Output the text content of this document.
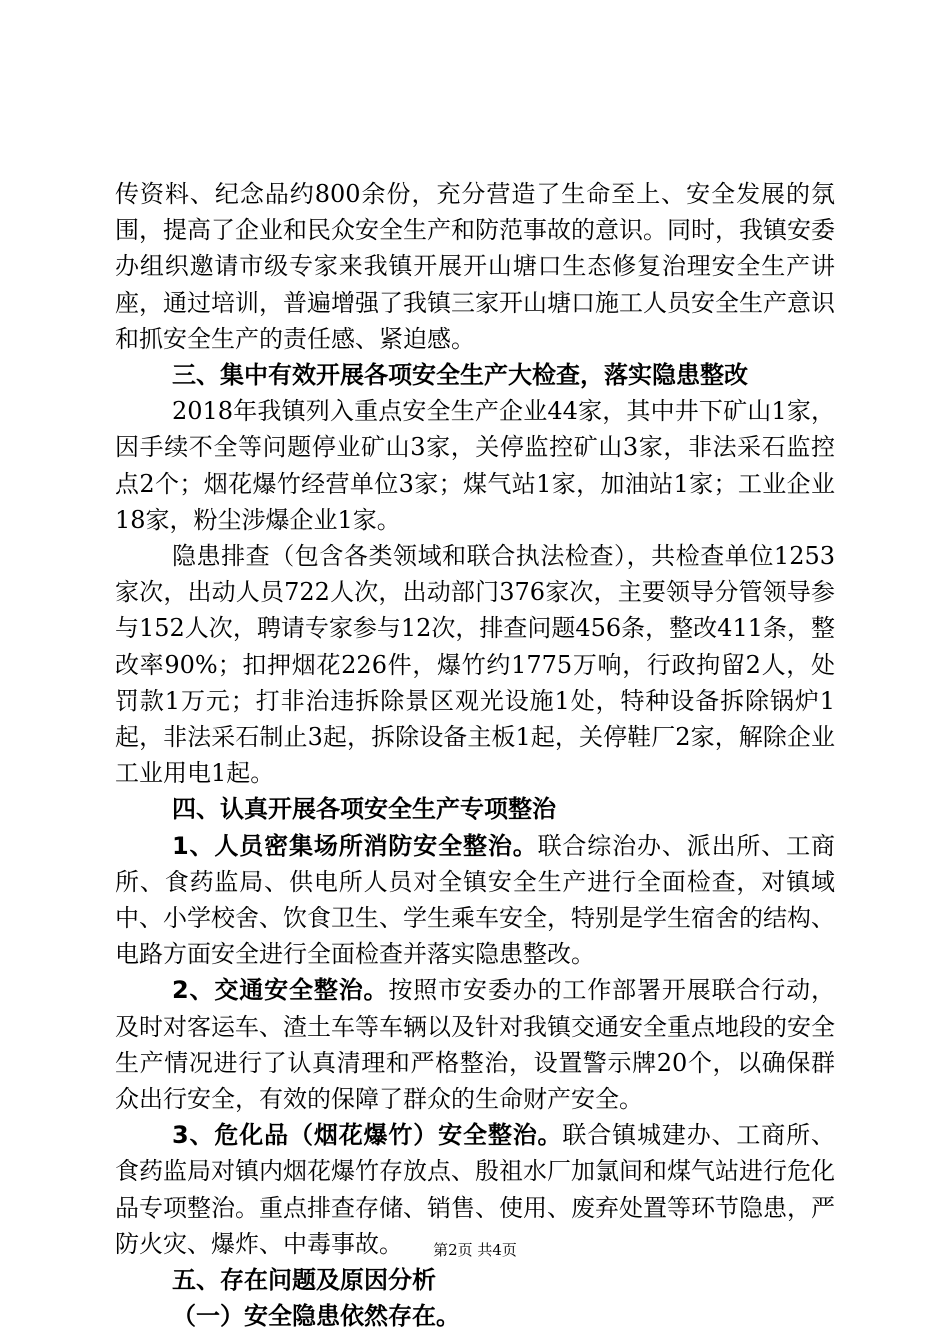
传资料、纪念品约800余份，充分营造了生命至上、安全发展的氛围，提高了企业和民众安全生产和防范事故的意识。同时，我镇安委办组织邀请市级专家来我镇开展开山塘口生态修复治理安全生产讲座，通过培训，普遍增强了我镇三家开山塘口施工人员安全生产意识和抓安全生产的责任感、紧迫感。

三、集中有效开展各项安全生产大检查，落实隐患整改

2018年我镇列入重点安全生产企业44家，其中井下矿山1家，因手续不全等问题停业矿山3家，关停监控矿山3家，非法采石监控点2个；烟花爆竹经营单位3家；煤气站1家，加油站1家；工业企业18家，粉尘涉爆企业1家。

隐患排查（包含各类领域和联合执法检查），共检查单位1253家次，出动人员722人次，出动部门376家次，主要领导分管领导参与152人次，聘请专家参与12次，排查问题456条，整改411条，整改率90%；扣押烟花226件，爆竹约1775万响，行政拘留2人，处罚款1万元；打非治违拆除景区观光设施1处，特种设备拆除锅炉1起，非法采石制止3起，拆除设备主板1起，关停鞋厂2家，解除企业工业用电1起。

四、认真开展各项安全生产专项整治

1、人员密集场所消防安全整治。联合综治办、派出所、工商所、食药监局、供电所人员对全镇安全生产进行全面检查，对镇域中、小学校舍、饮食卫生、学生乘车安全，特别是学生宿舍的结构、电路方面安全进行全面检查并落实隐患整改。

2、交通安全整治。按照市安委办的工作部署开展联合行动，及时对客运车、渣土车等车辆以及针对我镇交通安全重点地段的安全生产情况进行了认真清理和严格整治，设置警示牌20个，以确保群众出行安全，有效的保障了群众的生命财产安全。

3、危化品（烟花爆竹）安全整治。联合镇城建办、工商所、食药监局对镇内烟花爆竹存放点、殷祖水厂加氯间和煤气站进行危化品专项整治。重点排查存储、销售、使用、废弃处置等环节隐患，严防火灾、爆炸、中毒事故。

五、存在问题及原因分析

（一）安全隐患依然存在。

第2页 共4页
